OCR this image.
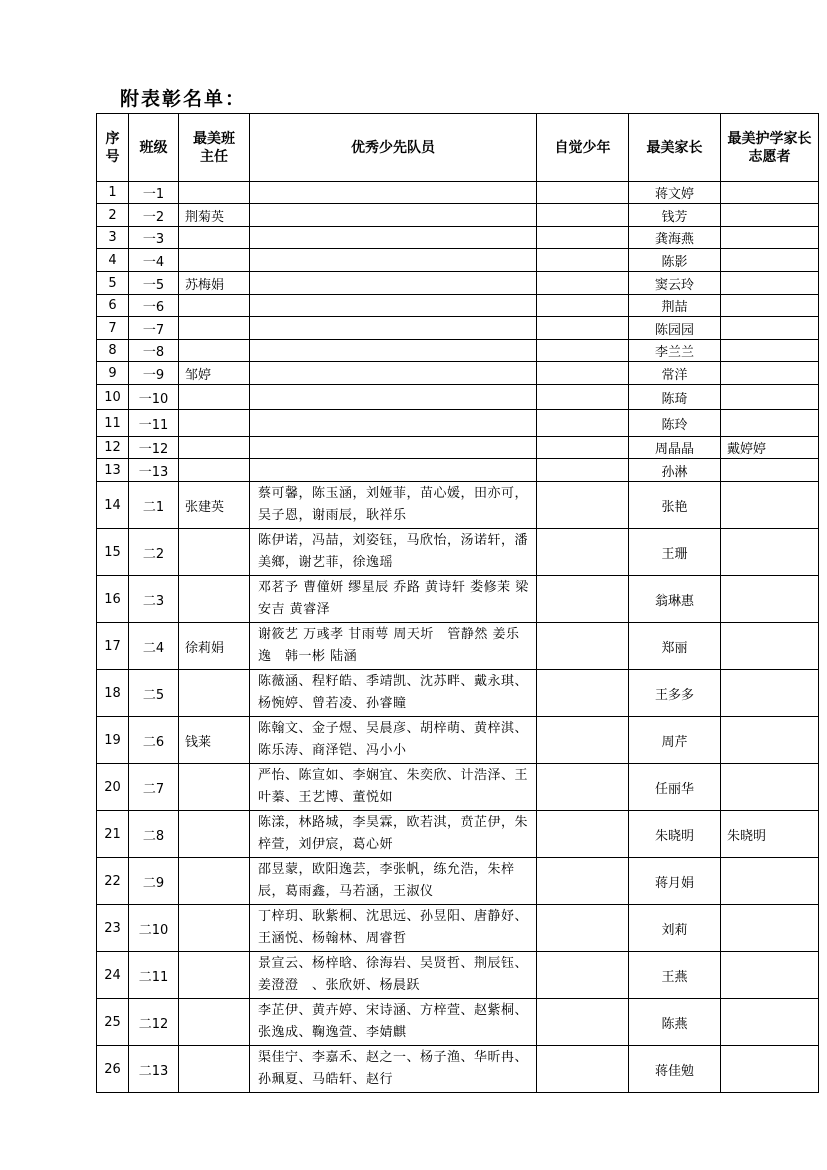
附表彰名单：
序号	班级	最美班主任	优秀少先队员	自觉少年	最美家长	最美护学家长志愿者
1	一1				蒋文婷	
2	一2	荆菊英			钱芳	
3	一3				龚海燕	
4	一4				陈影	
5	一5	苏梅娟			窦云玲	
6	一6				荆喆	
7	一7				陈园园	
8	一8				李兰兰	
9	一9	邹婷			常洋	
10	一10				陈琦	
11	一11				陈玲	
12	一12				周晶晶	戴婷婷
13	一13				孙淋	
14	二1	张建英	蔡可馨，陈玉涵，刘娅菲，苗心媛，田亦可，吴子恩，谢雨辰，耿祥乐		张艳	
15	二2		陈伊诺，冯喆，刘姿钰，马欣怡，汤诺轩，潘美鄉，谢艺菲，徐逸瑶		王珊	
16	二3		邓茗予 曹僮妍 缪星辰 乔路 黄诗轩 娄修茉 梁安吉 黄睿泽		翁琳惠	
17	二4	徐莉娟	谢筱艺 万彧孝 甘雨萼 周天圻　管静然 姜乐逸　韩一彬 陆涵		郑丽	
18	二5		陈薇涵、程籽皓、季靖凯、沈苏畔、戴永琪、杨惋婷、曾若凌、孙睿瞳		王多多	
19	二6	钱莱	陈翰文、金子煜、吴晨彦、胡梓萌、黄梓淇、陈乐涛、商泽铠、冯小小		周芹	
20	二7		严怡、陈宣如、李娴宜、朱奕欣、计浩泽、王叶蓁、王艺博、董悦如		任丽华	
21	二8		陈漾，林路城，李昊霖，欧若淇，贲芷伊，朱梓萱，刘伊宸，葛心妍		朱晓明	朱晓明
22	二9		邵昱蒙，欧阳逸芸，李张帆，练允浩，朱梓辰，葛雨鑫，马若涵，王淑仪		蒋月娟	
23	二10		丁梓玥、耿紫桐、沈思远、孙昱阳、唐静妤、王涵悦、杨翰林、周睿哲		刘莉	
24	二11		景宣云、杨梓晗、徐海岩、吴贤哲、荆辰钰、姜澄澄　、张欣妍、杨晨跃		王燕	
25	二12		李芷伊、黄卉婷、宋诗涵、方梓萱、赵紫桐、张逸成、鞠逸萱、李婧麒		陈燕	
26	二13		渠佳宁、李嘉禾、赵之一、杨子渔、华昕冉、孙珮夏、马皓轩、赵行		蒋佳勉	
